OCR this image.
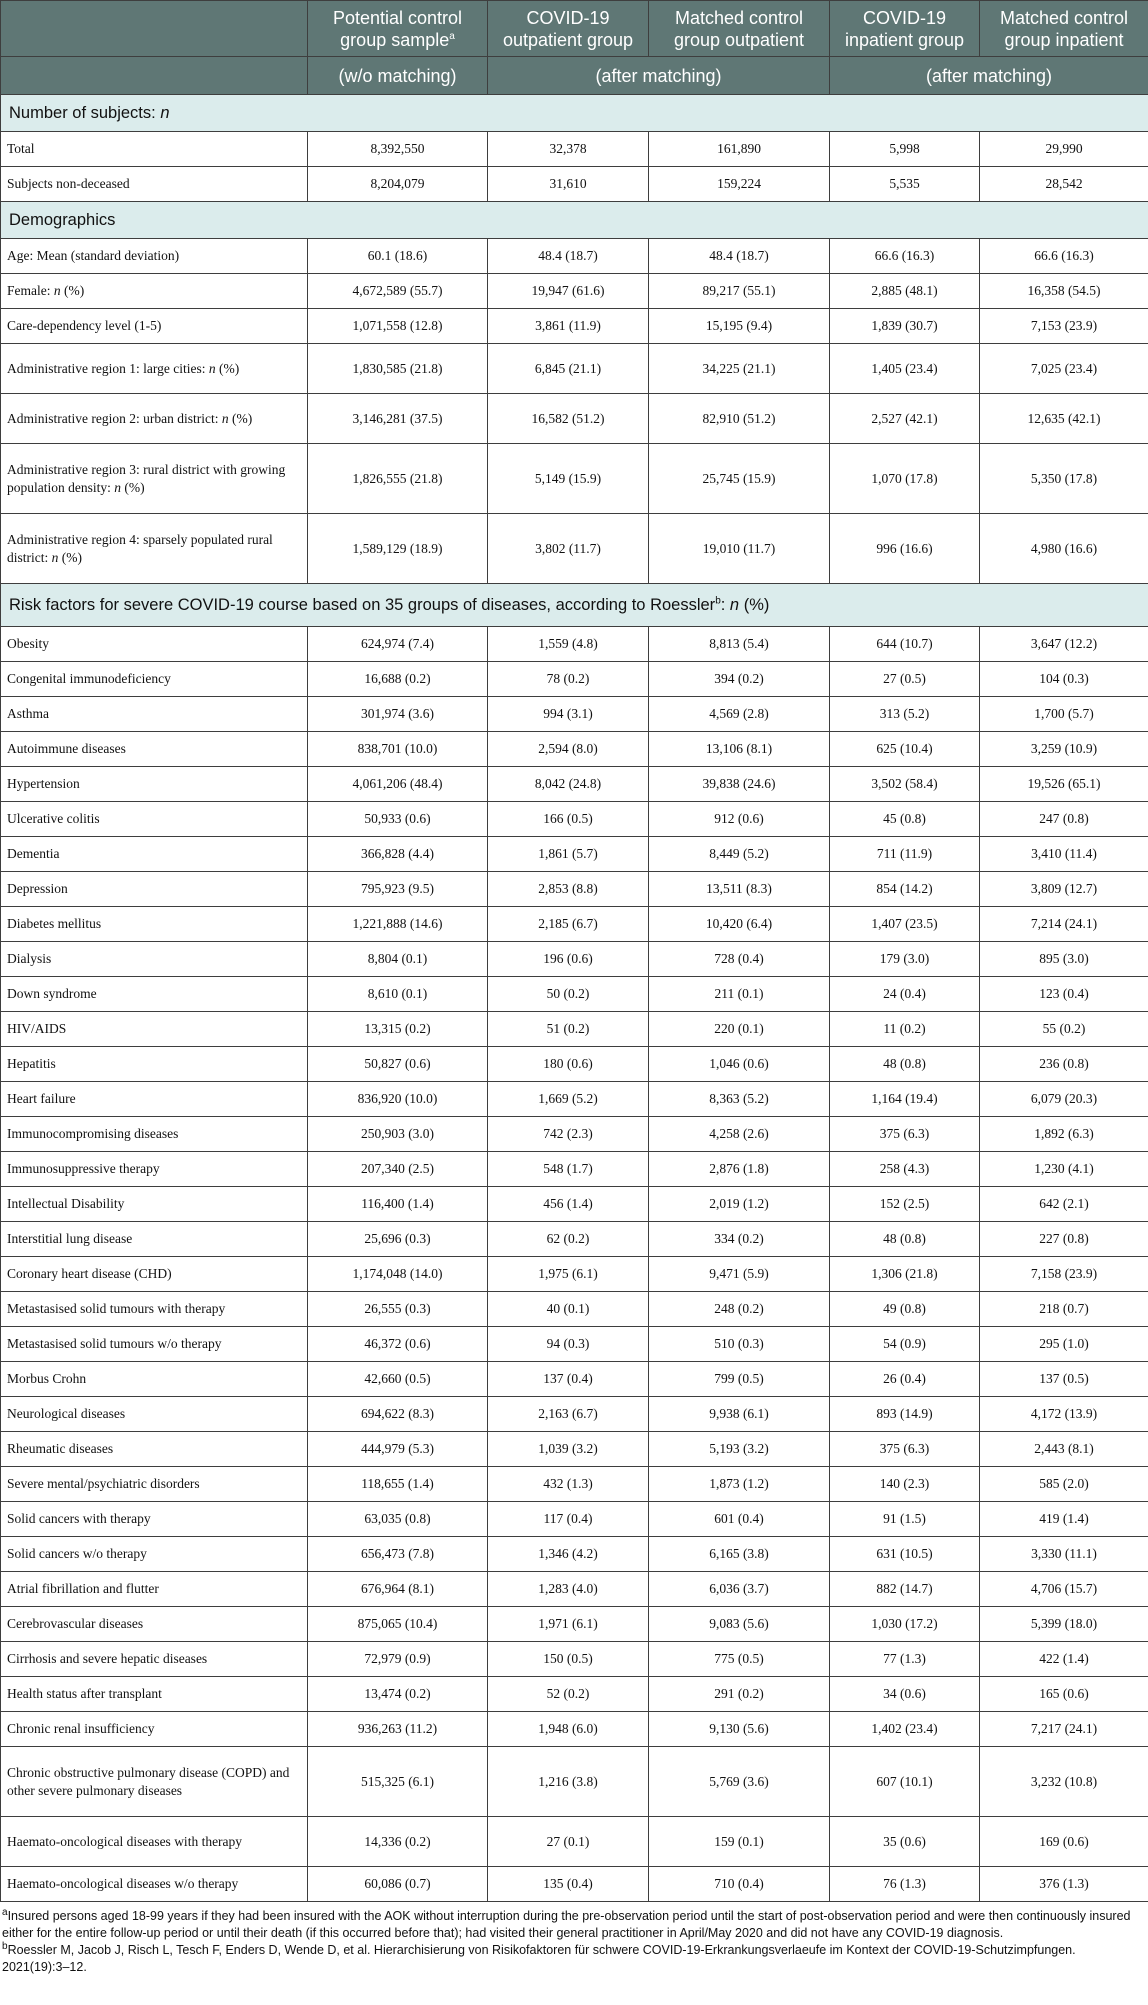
	Potential control group sample$^a$	COVID-19 outpatient group	Matched control group outpatient	COVID-19 inpatient group	Matched control group inpatient
	(w/o matching)	(after matching)		(after matching)	
Number of subjects: n					
Total	8,392,550	32,378	161,890	5,998	29,990
Subjects non-deceased	8,204,079	31,610	159,224	5,535	28,542
Demographics					
Age: Mean (standard deviation)	60.1 (18.6)	48.4 (18.7)	48.4 (18.7)	66.6 (16.3)	66.6 (16.3)
Female: n (%)	4,672,589 (55.7)	19,947 (61.6)	89,217 (55.1)	2,885 (48.1)	16,358 (54.5)
Care-dependency level (1-5)	1,071,558 (12.8)	3,861 (11.9)	15,195 (9.4)	1,839 (30.7)	7,153 (23.9)
Administrative region 1: large cities: n (%)	1,830,585 (21.8)	6,845 (21.1)	34,225 (21.1)	1,405 (23.4)	7,025 (23.4)
Administrative region 2: urban district: n (%)	3,146,281 (37.5)	16,582 (51.2)	82,910 (51.2)	2,527 (42.1)	12,635 (42.1)
Administrative region 3: rural district with growing population density: n (%)	1,826,555 (21.8)	5,149 (15.9)	25,745 (15.9)	1,070 (17.8)	5,350 (17.8)
Administrative region 4: sparsely populated rural district: n (%)	1,589,129 (18.9)	3,802 (11.7)	19,010 (11.7)	996 (16.6)	4,980 (16.6)
Risk factors for severe COVID-19 course based on 35 groups of diseases, according to Roessler$^b$: n (%)					
Obesity	624,974 (7.4)	1,559 (4.8)	8,813 (5.4)	644 (10.7)	3,647 (12.2)
Congenital immunodeficiency	16,688 (0.2)	78 (0.2)	394 (0.2)	27 (0.5)	104 (0.3)
Asthma	301,974 (3.6)	994 (3.1)	4,569 (2.8)	313 (5.2)	1,700 (5.7)
Autoimmune diseases	838,701 (10.0)	2,594 (8.0)	13,106 (8.1)	625 (10.4)	3,259 (10.9)
Hypertension	4,061,206 (48.4)	8,042 (24.8)	39,838 (24.6)	3,502 (58.4)	19,526 (65.1)
Ulcerative colitis	50,933 (0.6)	166 (0.5)	912 (0.6)	45 (0.8)	247 (0.8)
Dementia	366,828 (4.4)	1,861 (5.7)	8,449 (5.2)	711 (11.9)	3,410 (11.4)
Depression	795,923 (9.5)	2,853 (8.8)	13,511 (8.3)	854 (14.2)	3,809 (12.7)
Diabetes mellitus	1,221,888 (14.6)	2,185 (6.7)	10,420 (6.4)	1,407 (23.5)	7,214 (24.1)
Dialysis	8,804 (0.1)	196 (0.6)	728 (0.4)	179 (3.0)	895 (3.0)
Down syndrome	8,610 (0.1)	50 (0.2)	211 (0.1)	24 (0.4)	123 (0.4)
HIV/AIDS	13,315 (0.2)	51 (0.2)	220 (0.1)	11 (0.2)	55 (0.2)
Hepatitis	50,827 (0.6)	180 (0.6)	1,046 (0.6)	48 (0.8)	236 (0.8)
Heart failure	836,920 (10.0)	1,669 (5.2)	8,363 (5.2)	1,164 (19.4)	6,079 (20.3)
Immunocompromising diseases	250,903 (3.0)	742 (2.3)	4,258 (2.6)	375 (6.3)	1,892 (6.3)
Immunosuppressive therapy	207,340 (2.5)	548 (1.7)	2,876 (1.8)	258 (4.3)	1,230 (4.1)
Intellectual Disability	116,400 (1.4)	456 (1.4)	2,019 (1.2)	152 (2.5)	642 (2.1)
Interstitial lung disease	25,696 (0.3)	62 (0.2)	334 (0.2)	48 (0.8)	227 (0.8)
Coronary heart disease (CHD)	1,174,048 (14.0)	1,975 (6.1)	9,471 (5.9)	1,306 (21.8)	7,158 (23.9)
Metastasised solid tumours with therapy	26,555 (0.3)	40 (0.1)	248 (0.2)	49 (0.8)	218 (0.7)
Metastasised solid tumours w/o therapy	46,372 (0.6)	94 (0.3)	510 (0.3)	54 (0.9)	295 (1.0)
Morbus Crohn	42,660 (0.5)	137 (0.4)	799 (0.5)	26 (0.4)	137 (0.5)
Neurological diseases	694,622 (8.3)	2,163 (6.7)	9,938 (6.1)	893 (14.9)	4,172 (13.9)
Rheumatic diseases	444,979 (5.3)	1,039 (3.2)	5,193 (3.2)	375 (6.3)	2,443 (8.1)
Severe mental/psychiatric disorders	118,655 (1.4)	432 (1.3)	1,873 (1.2)	140 (2.3)	585 (2.0)
Solid cancers with therapy	63,035 (0.8)	117 (0.4)	601 (0.4)	91 (1.5)	419 (1.4)
Solid cancers w/o therapy	656,473 (7.8)	1,346 (4.2)	6,165 (3.8)	631 (10.5)	3,330 (11.1)
Atrial fibrillation and flutter	676,964 (8.1)	1,283 (4.0)	6,036 (3.7)	882 (14.7)	4,706 (15.7)
Cerebrovascular diseases	875,065 (10.4)	1,971 (6.1)	9,083 (5.6)	1,030 (17.2)	5,399 (18.0)
Cirrhosis and severe hepatic diseases	72,979 (0.9)	150 (0.5)	775 (0.5)	77 (1.3)	422 (1.4)
Health status after transplant	13,474 (0.2)	52 (0.2)	291 (0.2)	34 (0.6)	165 (0.6)
Chronic renal insufficiency	936,263 (11.2)	1,948 (6.0)	9,130 (5.6)	1,402 (23.4)	7,217 (24.1)
Chronic obstructive pulmonary disease (COPD) and other severe pulmonary diseases	515,325 (6.1)	1,216 (3.8)	5,769 (3.6)	607 (10.1)	3,232 (10.8)
Haemato-oncological diseases with therapy	14,336 (0.2)	27 (0.1)	159 (0.1)	35 (0.6)	169 (0.6)
Haemato-oncological diseases w/o therapy	60,086 (0.7)	135 (0.4)	710 (0.4)	76 (1.3)	376 (1.3)

$^a$Insured persons aged 18-99 years if they had been insured with the AOK without interruption during the pre-observation period until the start of post-observation period and were then continuously insured either for the entire follow-up period or until their death (if this occurred before that); had visited their general practitioner in April/May 2020 and did not have any COVID-19 diagnosis.

$^b$Roessler M, Jacob J, Risch L, Tesch F, Enders D, Wende D, et al. Hierarchisierung von Risikofaktoren für schwere COVID-19-Erkrankungsverlaeufe im Kontext der COVID-19-Schutzimpfungen. 2021(19):3–12.
